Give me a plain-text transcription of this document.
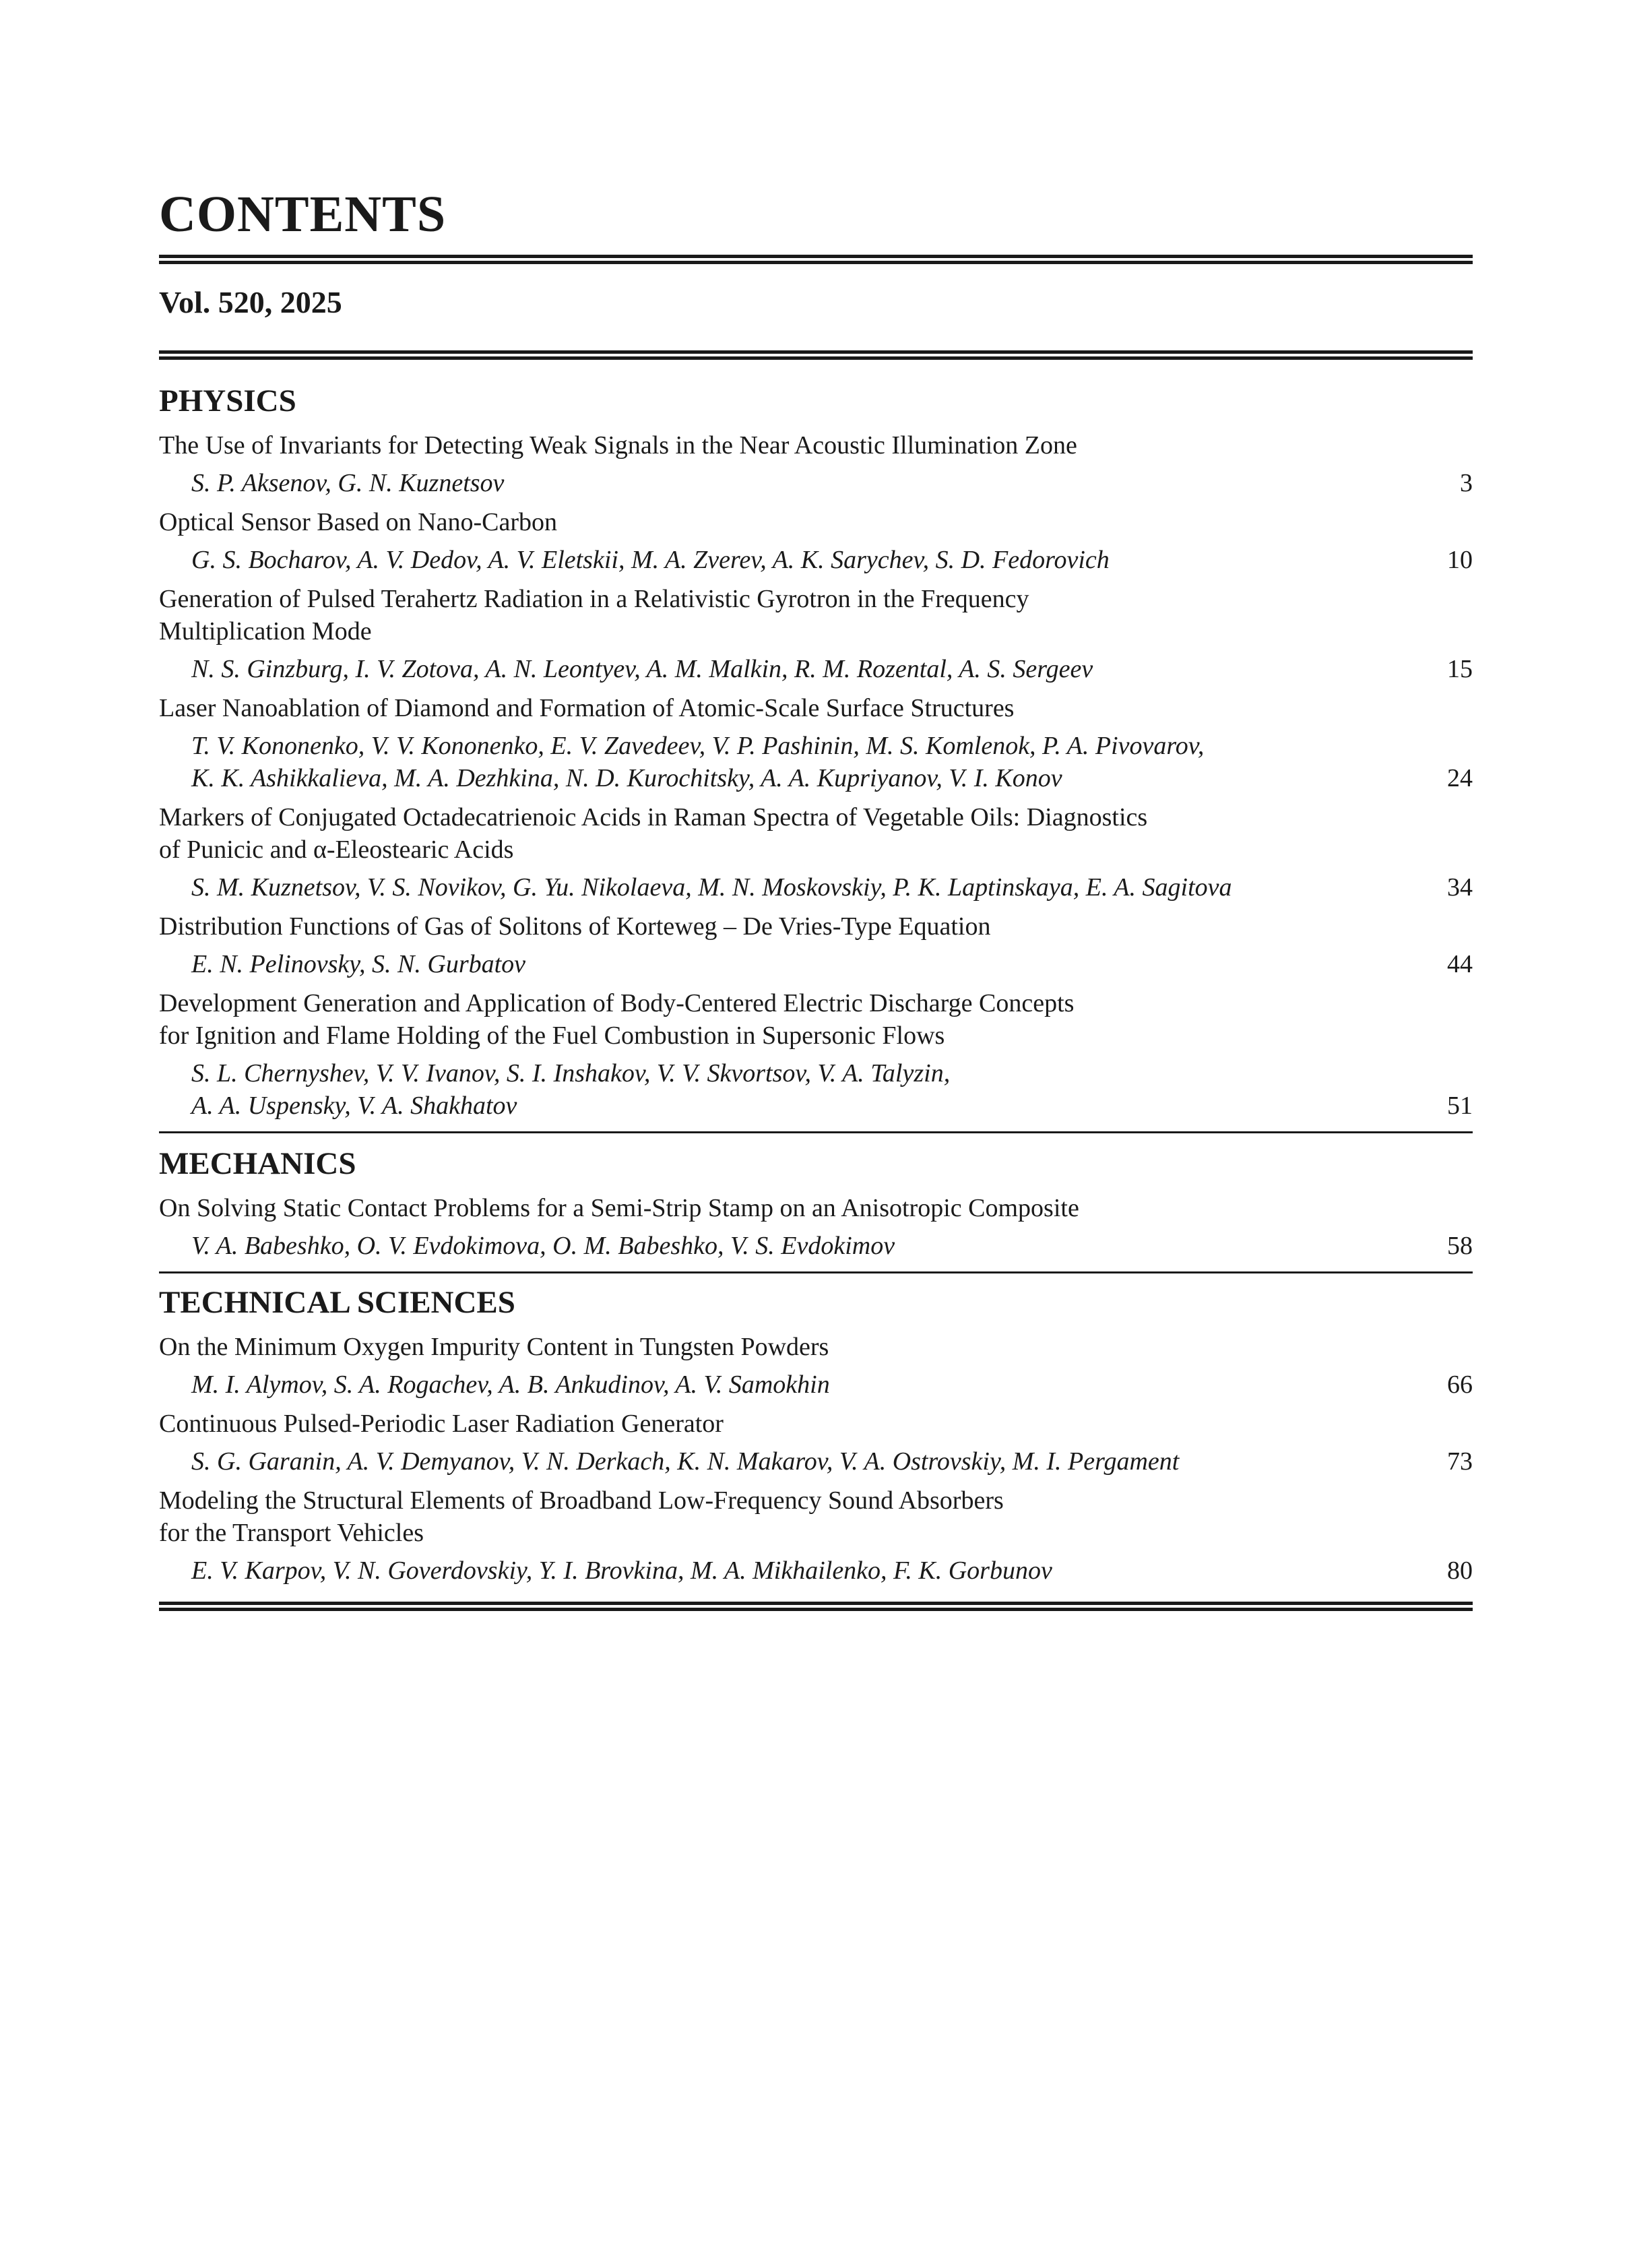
CONTENTS
Vol. 520, 2025
PHYSICS

The Use of Invariants for Detecting Weak Signals in the Near Acoustic Illumination Zone

S. P. Aksenov, G. N. Kuznetsov	3

Optical Sensor Based on Nano-Carbon

G. S. Bocharov, A. V. Dedov, A. V. Eletskii, M. A. Zverev, A. K. Sarychev, S. D. Fedorovich	10

Generation of Pulsed Terahertz Radiation in a Relativistic Gyrotron in the Frequency
Multiplication Mode

N. S. Ginzburg, I. V. Zotova, A. N. Leontyev, A. M. Malkin, R. M. Rozental, A. S. Sergeev	15

Laser Nanoablation of Diamond and Formation of Atomic-Scale Surface Structures

T. V. Kononenko, V. V. Kononenko, E. V. Zavedeev, V. P. Pashinin, M. S. Komlenok, P. A. Pivovarov,
K. K. Ashikkalieva, M. A. Dezhkina, N. D. Kurochitsky, A. A. Kupriyanov, V. I. Konov	24

Markers of Conjugated Octadecatrienoic Acids in Raman Spectra of Vegetable Oils: Diagnostics
of Punicic and α-Eleostearic Acids

S. M. Kuznetsov, V. S. Novikov, G. Yu. Nikolaeva, M. N. Moskovskiy, P. K. Laptinskaya, E. A. Sagitova	34

Distribution Functions of Gas of Solitons of Korteweg – De Vries-Type Equation

E. N. Pelinovsky, S. N. Gurbatov	44

Development Generation and Application of Body-Centered Electric Discharge Concepts
for Ignition and Flame Holding of the Fuel Combustion in Supersonic Flows

S. L. Chernyshev, V. V. Ivanov, S. I. Inshakov, V. V. Skvortsov, V. A. Talyzin,
A. A. Uspensky, V. A. Shakhatov	51
MECHANICS

On Solving Static Contact Problems for a Semi-Strip Stamp on an Anisotropic Composite

V. A. Babeshko, O. V. Evdokimova, O. M. Babeshko, V. S. Evdokimov	58
TECHNICAL SCIENCES

On the Minimum Oxygen Impurity Content in Tungsten Powders

M. I. Alymov, S. A. Rogachev, A. B. Ankudinov, A. V. Samokhin	66

Continuous Pulsed-Periodic Laser Radiation Generator

S. G. Garanin, A. V. Demyanov, V. N. Derkach, K. N. Makarov, V. A. Ostrovskiy, M. I. Pergament	73

Modeling the Structural Elements of Broadband Low-Frequency Sound Absorbers
for the Transport Vehicles

E. V. Karpov, V. N. Goverdovskiy, Y. I. Brovkina, M. A. Mikhailenko, F. K. Gorbunov	80
